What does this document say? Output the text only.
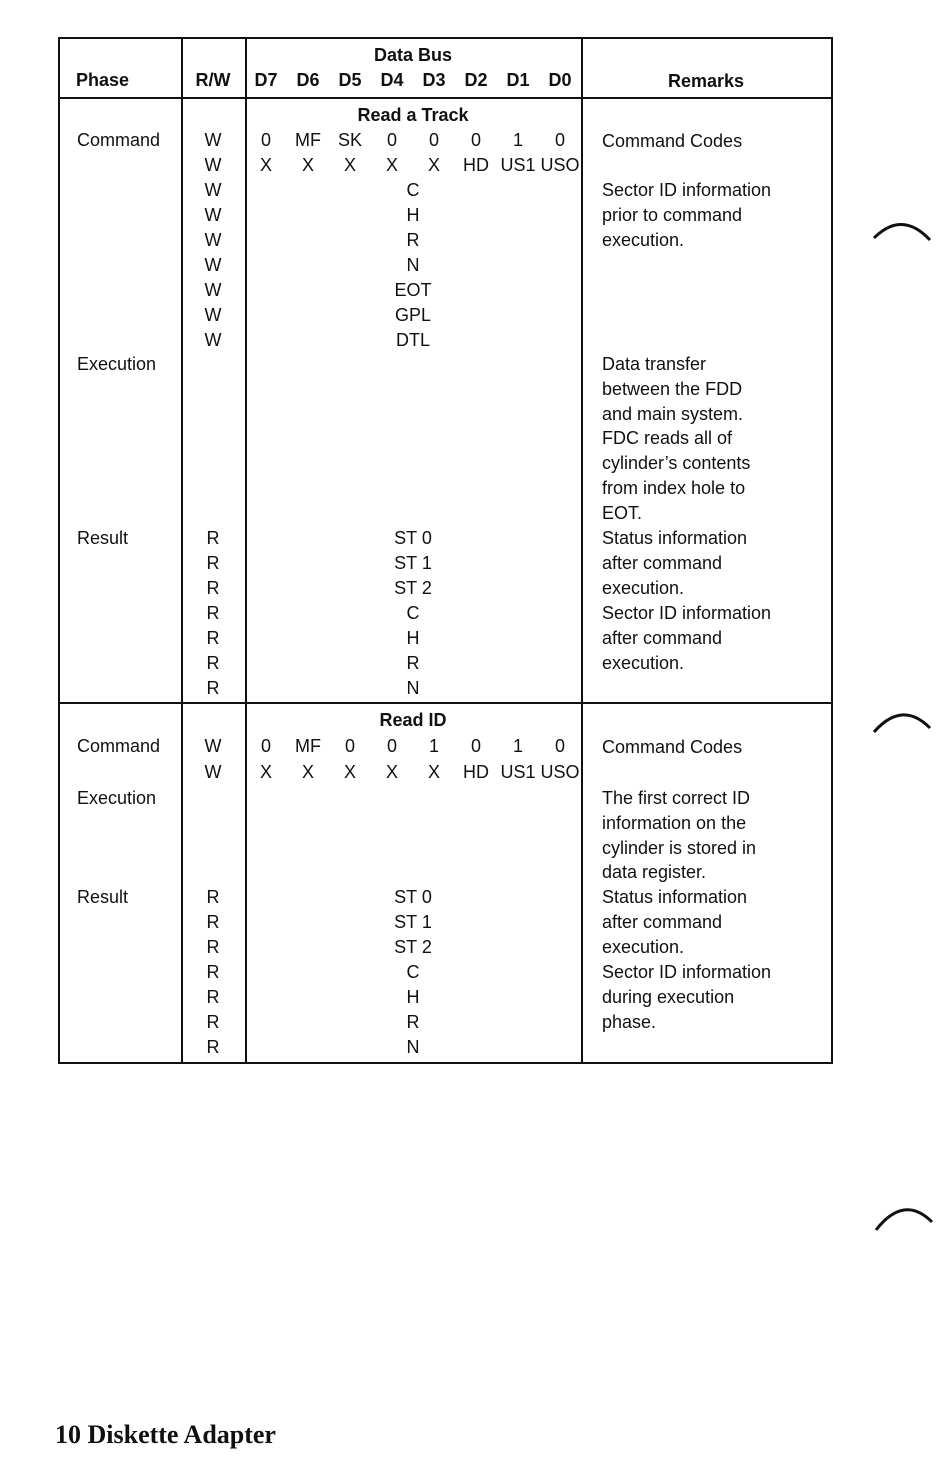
Phase	R/W
Data Bus
D7 D6 D5 D4 D3 D2 D1 D0	Remarks
Read a Track
Command
Execution
Result
W
W
W
W
W
W
W
W
W
R
R
R
R
R
R
R
0 MF SK 0 0 0 1 0
X X X X X HD US1 USO
C
H
R
N
EOT
GPL
DTL
ST 0
ST 1
ST 2
C
H
R
N
Command Codes
Sector ID information
prior to command
execution.
Data transfer
between the FDD
and main system.
FDC reads all of
cylinder’s contents
from index hole to
EOT.
Status information
after command
execution.
Sector ID information
after command
execution.
Read ID
Command
Execution
Result
W
W
R
R
R
R
R
R
R
0 MF 0 0 1 0 1 0
X X X X X HD US1 USO
ST 0
ST 1
ST 2
C
H
R
N
Command Codes
The first correct ID
information on the
cylinder is stored in
data register.
Status information
after command
execution.
Sector ID information
during execution
phase.
10 Diskette Adapter
